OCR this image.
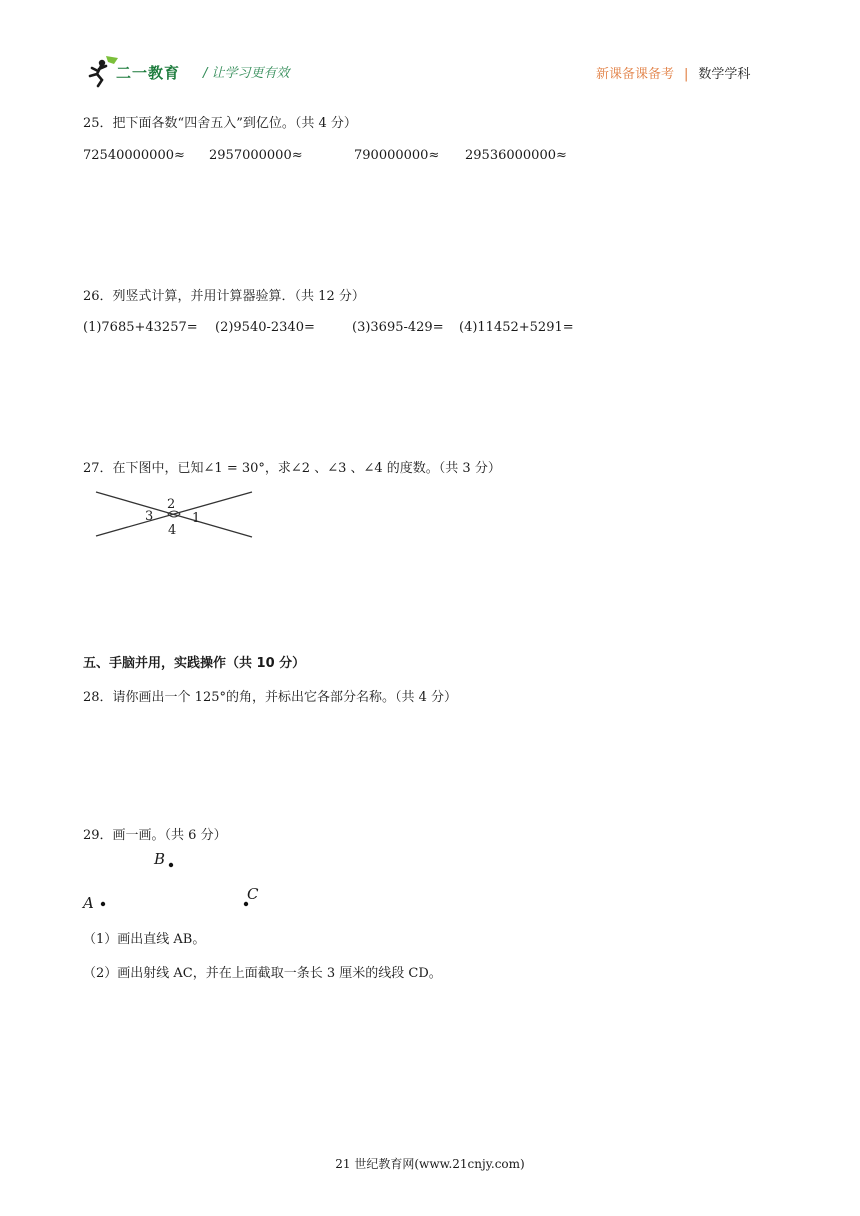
二一教育 / 让学习更有效	新课备课备考 | 数学学科
25．把下面各数“四舍五入”到亿位。（共 4 分）
72540000000≈ 2957000000≈	790000000≈ 29536000000≈
26．列竖式计算，并用计算器验算．（共 12 分）
(1)7685+43257= (2)9540-2340=	(3)3695-429= (4)11452+5291=
27．在下图中，已知∠1 = 30°，求∠2 、∠3 、∠4 的度数。（共 3 分）
2
3	1
4
五、手脑并用，实践操作（共 10 分）
28．请你画出一个 125°的角，并标出它各部分名称。（共 4 分）
29．画一画。（共 6 分）
B
A	C
（1）画出直线 AB。
（2）画出射线 AC，并在上面截取一条长 3 厘米的线段 CD。
21 世纪教育网(www.21cnjy.com)
